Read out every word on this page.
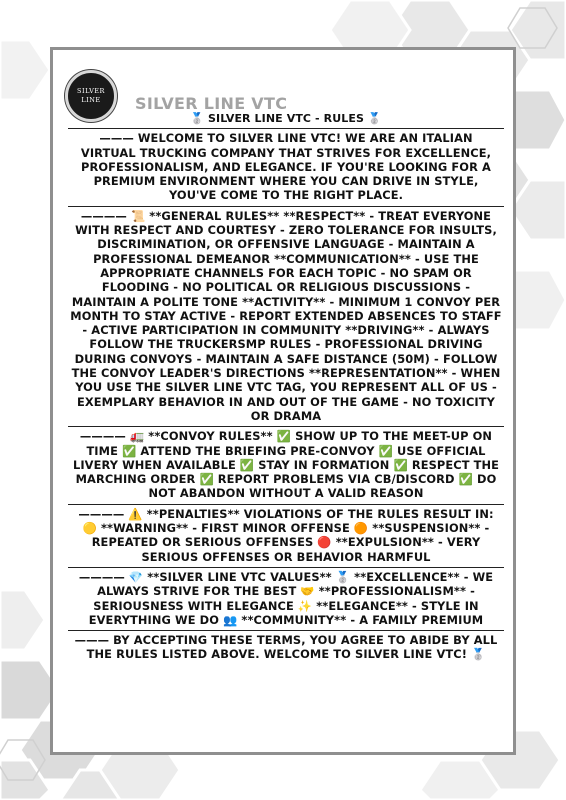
SILVER
LINE SILVER LINE VTC
🥈 SILVER LINE VTC - RULES 🥈

——— WELCOME TO SILVER LINE VTC! WE ARE AN ITALIAN VIRTUAL TRUCKING COMPANY THAT STRIVES FOR EXCELLENCE, PROFESSIONALISM, AND ELEGANCE. IF YOU'RE LOOKING FOR A PREMIUM ENVIRONMENT WHERE YOU CAN DRIVE IN STYLE, YOU'VE COME TO THE RIGHT PLACE.

———— 📜 **GENERAL RULES** **RESPECT** - TREAT EVERYONE WITH RESPECT AND COURTESY - ZERO TOLERANCE FOR INSULTS, DISCRIMINATION, OR OFFENSIVE LANGUAGE - MAINTAIN A PROFESSIONAL DEMEANOR **COMMUNICATION** - USE THE APPROPRIATE CHANNELS FOR EACH TOPIC - NO SPAM OR FLOODING - NO POLITICAL OR RELIGIOUS DISCUSSIONS - MAINTAIN A POLITE TONE **ACTIVITY** - MINIMUM 1 CONVOY PER MONTH TO STAY ACTIVE - REPORT EXTENDED ABSENCES TO STAFF - ACTIVE PARTICIPATION IN COMMUNITY **DRIVING** - ALWAYS FOLLOW THE TRUCKERSMP RULES - PROFESSIONAL DRIVING DURING CONVOYS - MAINTAIN A SAFE DISTANCE (50M) - FOLLOW THE CONVOY LEADER'S DIRECTIONS **REPRESENTATION** - WHEN YOU USE THE SILVER LINE VTC TAG, YOU REPRESENT ALL OF US - EXEMPLARY BEHAVIOR IN AND OUT OF THE GAME - NO TOXICITY OR DRAMA

———— 🚛 **CONVOY RULES** ✅ SHOW UP TO THE MEET-UP ON TIME ✅ ATTEND THE BRIEFING PRE-CONVOY ✅ USE OFFICIAL LIVERY WHEN AVAILABLE ✅ STAY IN FORMATION ✅ RESPECT THE MARCHING ORDER ✅ REPORT PROBLEMS VIA CB/DISCORD ✅ DO NOT ABANDON WITHOUT A VALID REASON

———— ⚠️ **PENALTIES** VIOLATIONS OF THE RULES RESULT IN: 🟡 **WARNING** - FIRST MINOR OFFENSE 🟠 **SUSPENSION** - REPEATED OR SERIOUS OFFENSES 🔴 **EXPULSION** - VERY SERIOUS OFFENSES OR BEHAVIOR HARMFUL

———— 💎 **SILVER LINE VTC VALUES** 🥈 **EXCELLENCE** - WE ALWAYS STRIVE FOR THE BEST 🤝 **PROFESSIONALISM** - SERIOUSNESS WITH ELEGANCE ✨ **ELEGANCE** - STYLE IN EVERYTHING WE DO 👥 **COMMUNITY** - A FAMILY PREMIUM

——— BY ACCEPTING THESE TERMS, YOU AGREE TO ABIDE BY ALL THE RULES LISTED ABOVE. WELCOME TO SILVER LINE VTC! 🥈
